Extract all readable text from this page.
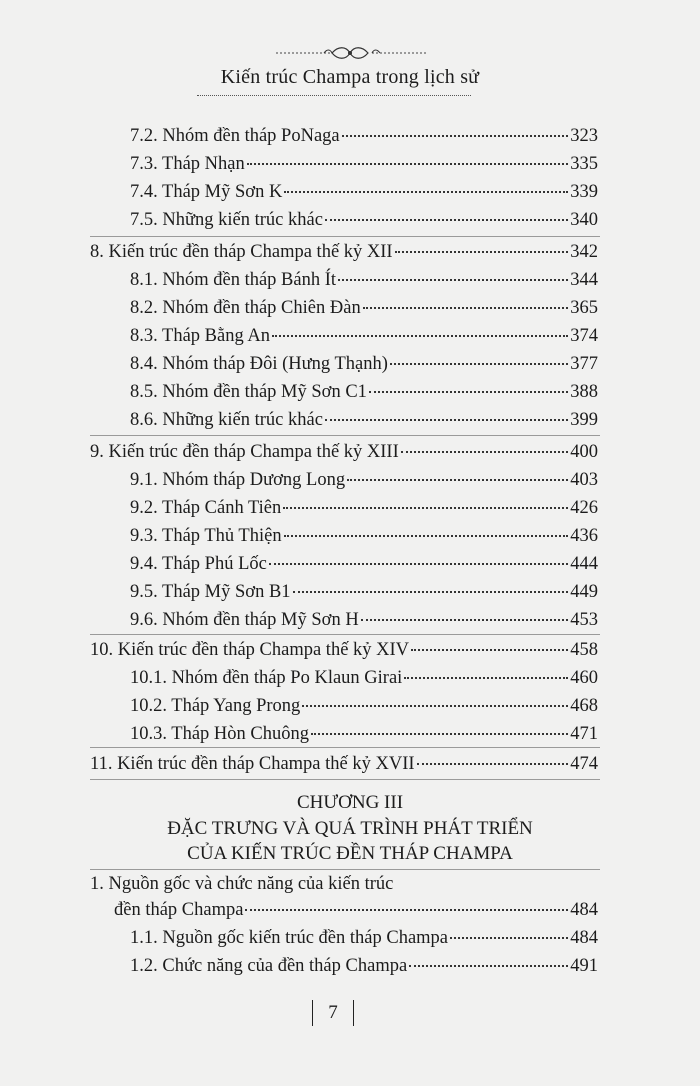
Kiến trúc Champa trong lịch sử
7.2. Nhóm đền tháp PoNaga	323
7.3. Tháp Nhạn	335
7.4. Tháp Mỹ Sơn K	339
7.5. Những kiến trúc khác	340
8. Kiến trúc đền tháp Champa thế kỷ XII	342
8.1. Nhóm đền tháp Bánh Ít	344
8.2. Nhóm đền tháp Chiên Đàn	365
8.3. Tháp Bằng An	374
8.4. Nhóm tháp Đôi (Hưng Thạnh)	377
8.5. Nhóm đền tháp Mỹ Sơn C1	388
8.6. Những kiến trúc khác	399
9. Kiến trúc đền tháp Champa thế kỷ XIII	400
9.1. Nhóm tháp Dương Long	403
9.2. Tháp Cánh Tiên	426
9.3. Tháp Thủ Thiện	436
9.4. Tháp Phú Lốc	444
9.5. Tháp Mỹ Sơn B1	449
9.6. Nhóm đền tháp Mỹ Sơn H	453
10. Kiến trúc đền tháp Champa thế kỷ XIV	458
10.1. Nhóm đền tháp Po Klaun Girai	460
10.2. Tháp Yang Prong	468
10.3. Tháp Hòn Chuông	471
11. Kiến trúc đền tháp Champa thế kỷ XVII	474
CHƯƠNG III
ĐẶC TRƯNG VÀ QUÁ TRÌNH PHÁT TRIỂN
CỦA KIẾN TRÚC ĐỀN THÁP CHAMPA
1. Nguồn gốc và chức năng của kiến trúc
đền tháp Champa	484
1.1. Nguồn gốc kiến trúc đền tháp Champa	484
1.2. Chức năng của đền tháp Champa	491
7
